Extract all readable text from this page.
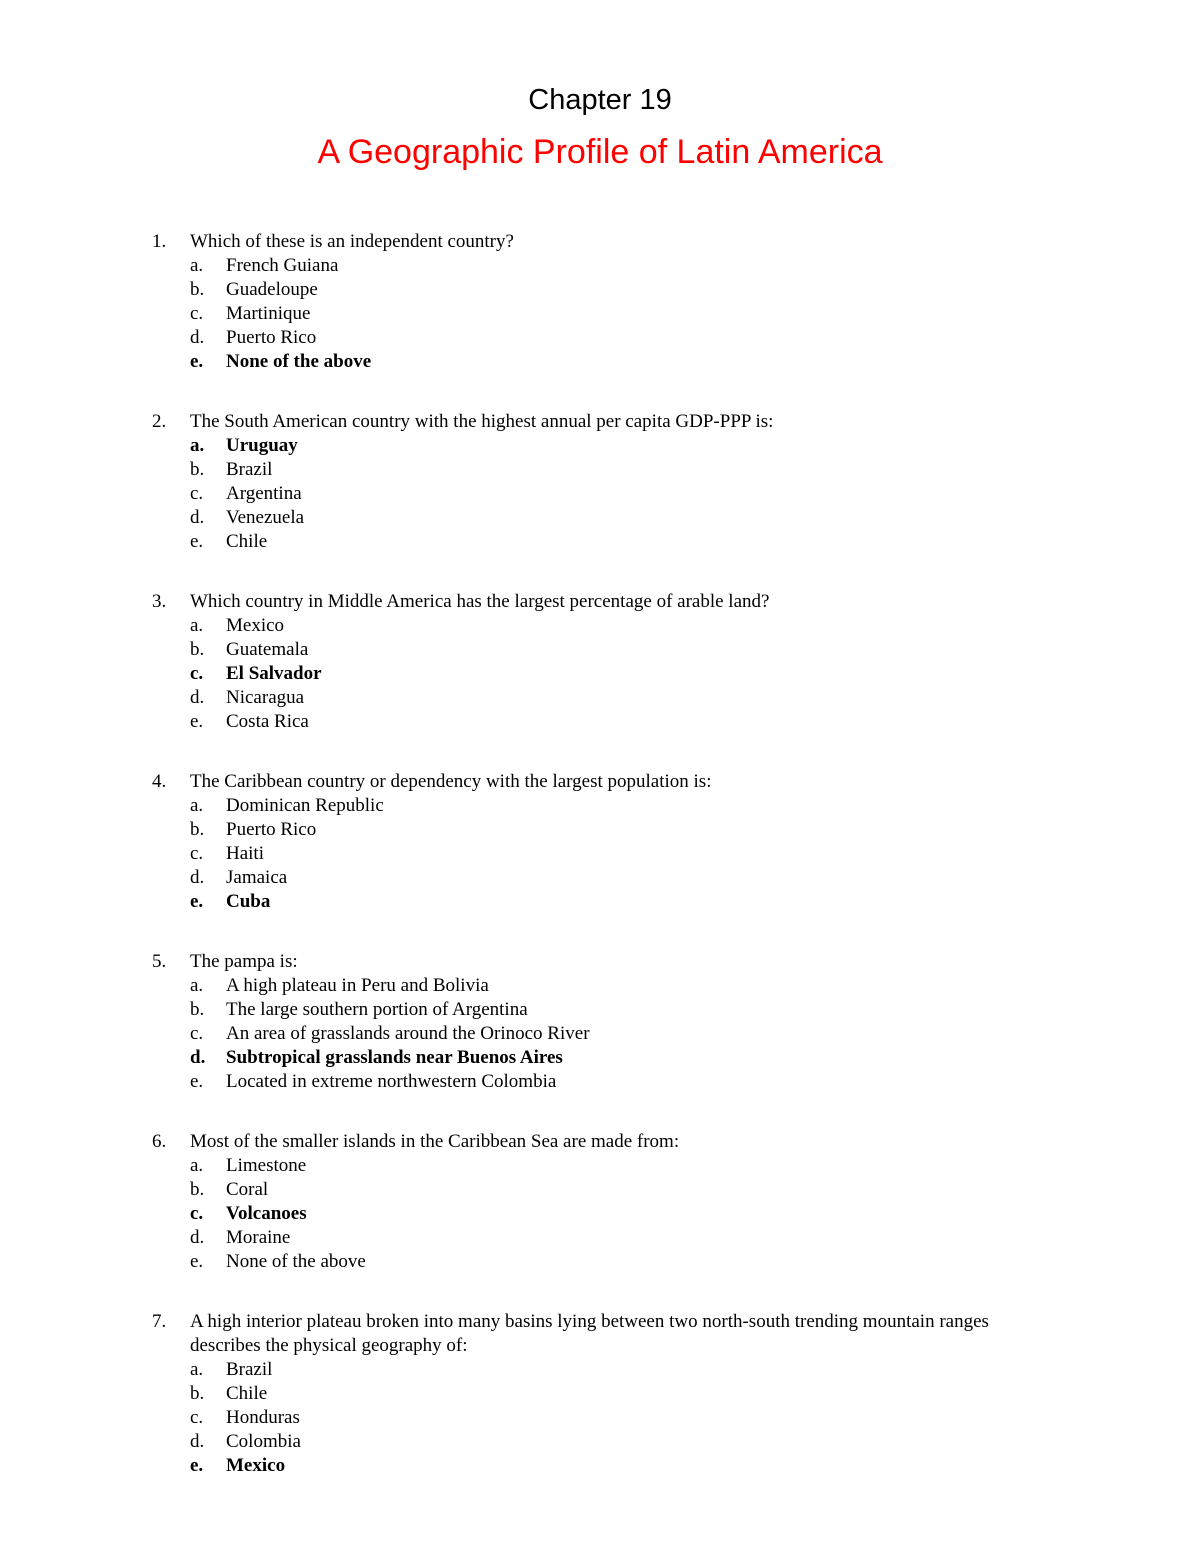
Chapter 19
A Geographic Profile of Latin America
1.	Which of these is an independent country?
a.	French Guiana
b.	Guadeloupe
c.	Martinique
d.	Puerto Rico
e.	None of the above
2.	The South American country with the highest annual per capita GDP-PPP is:
a.	Uruguay
b.	Brazil
c.	Argentina
d.	Venezuela
e.	Chile
3.	Which country in Middle America has the largest percentage of arable land?
a.	Mexico
b.	Guatemala
c.	El Salvador
d.	Nicaragua
e.	Costa Rica
4.	The Caribbean country or dependency with the largest population is:
a.	Dominican Republic
b.	Puerto Rico
c.	Haiti
d.	Jamaica
e.	Cuba
5.	The pampa is:
a.	A high plateau in Peru and Bolivia
b.	The large southern portion of Argentina
c.	An area of grasslands around the Orinoco River
d.	Subtropical grasslands near Buenos Aires
e.	Located in extreme northwestern Colombia
6.	Most of the smaller islands in the Caribbean Sea are made from:
a.	Limestone
b.	Coral
c.	Volcanoes
d.	Moraine
e.	None of the above
7.	A high interior plateau broken into many basins lying between two north-south trending mountain ranges describes the physical geography of:
a.	Brazil
b.	Chile
c.	Honduras
d.	Colombia
e.	Mexico
